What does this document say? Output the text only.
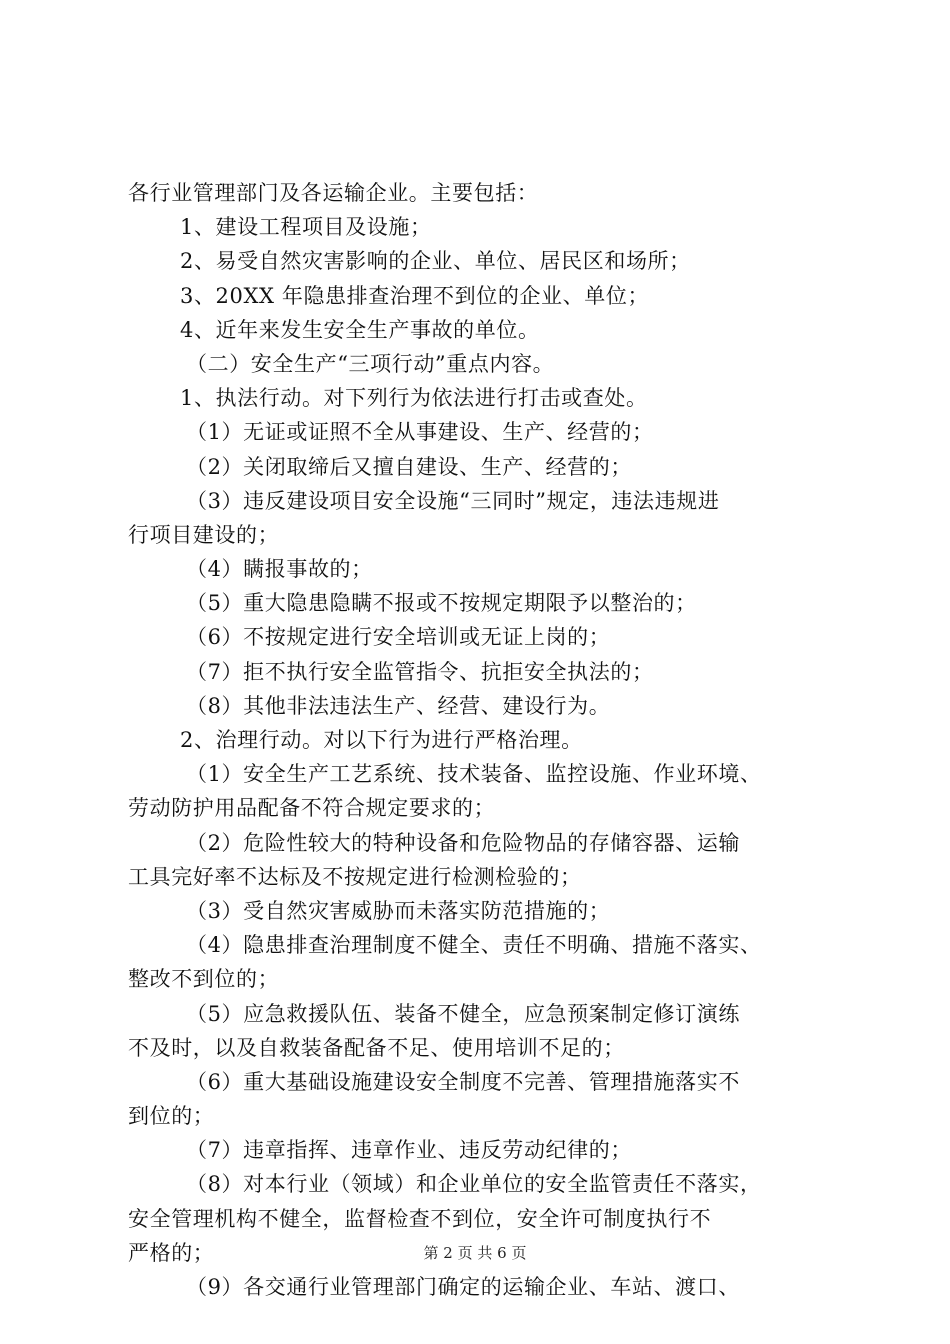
各行业管理部门及各运输企业。主要包括：
1、建设工程项目及设施；
2、易受自然灾害影响的企业、单位、居民区和场所；
3、20XX 年隐患排查治理不到位的企业、单位；
4、近年来发生安全生产事故的单位。
（二）安全生产“三项行动”重点内容。
1、执法行动。对下列行为依法进行打击或查处。
（1）无证或证照不全从事建设、生产、经营的；
（2）关闭取缔后又擅自建设、生产、经营的；
（3）违反建设项目安全设施“三同时”规定，违法违规进
行项目建设的；
（4）瞒报事故的；
（5）重大隐患隐瞒不报或不按规定期限予以整治的；
（6）不按规定进行安全培训或无证上岗的；
（7）拒不执行安全监管指令、抗拒安全执法的；
（8）其他非法违法生产、经营、建设行为。
2、治理行动。对以下行为进行严格治理。
（1）安全生产工艺系统、技术装备、监控设施、作业环境、
劳动防护用品配备不符合规定要求的；
（2）危险性较大的特种设备和危险物品的存储容器、运输
工具完好率不达标及不按规定进行检测检验的；
（3）受自然灾害威胁而未落实防范措施的；
（4）隐患排查治理制度不健全、责任不明确、措施不落实、
整改不到位的；
（5）应急救援队伍、装备不健全，应急预案制定修订演练
不及时，以及自救装备配备不足、使用培训不足的；
（6）重大基础设施建设安全制度不完善、管理措施落实不
到位的；
（7）违章指挥、违章作业、违反劳动纪律的；
（8）对本行业（领域）和企业单位的安全监管责任不落实，
安全管理机构不健全，监督检查不到位，安全许可制度执行不
严格的；
（9）各交通行业管理部门确定的运输企业、车站、渡口、
第 2 页 共 6 页
